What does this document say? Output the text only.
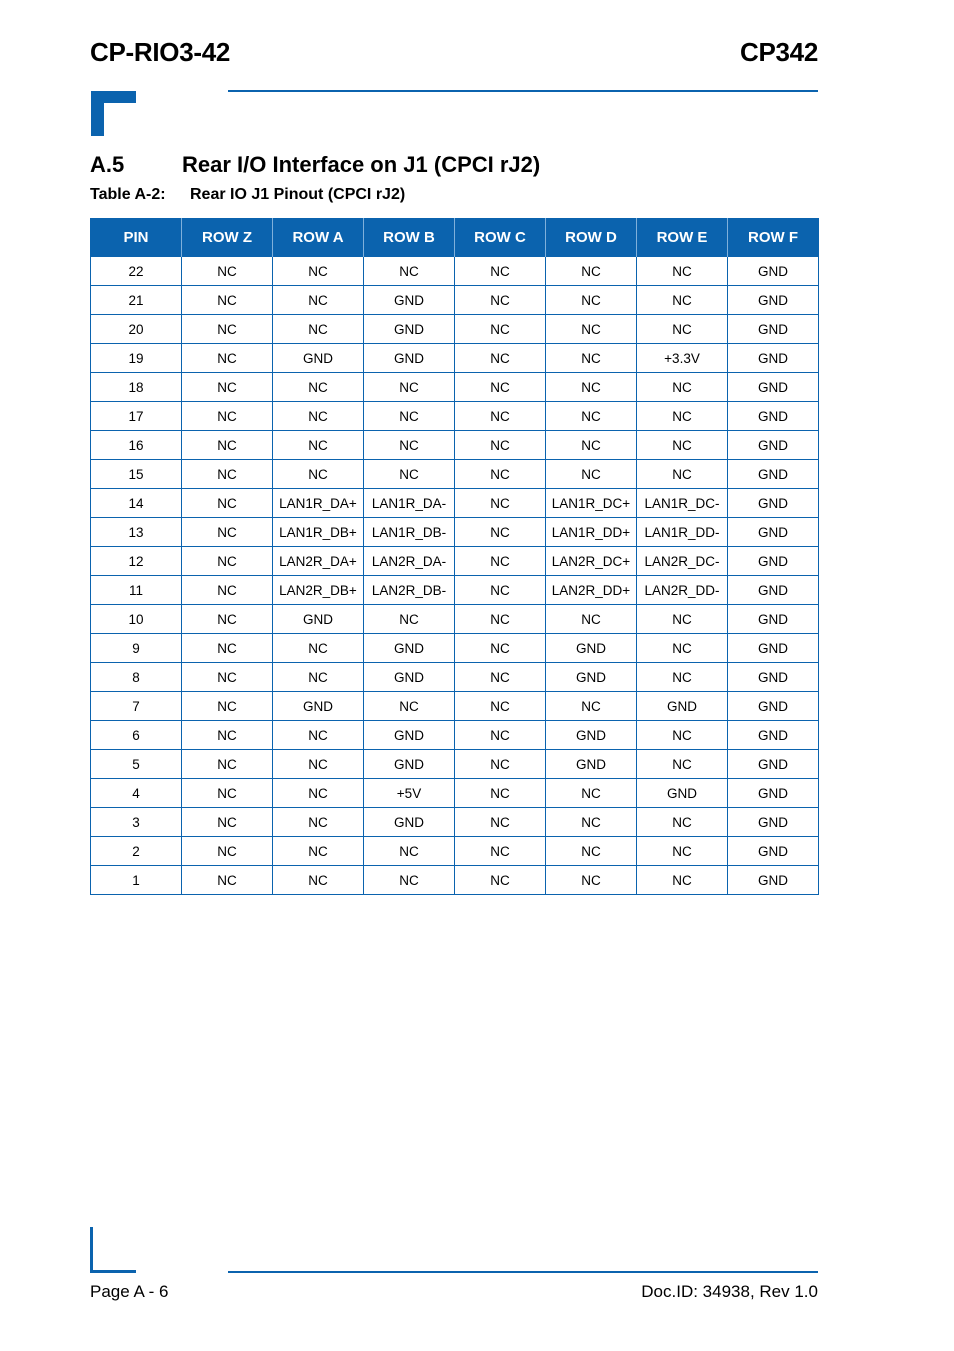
CP-RIO3-42	CP342
A.5	Rear I/O Interface on J1 (CPCI rJ2)
Table A-2: Rear IO J1 Pinout (CPCI rJ2)
PIN	ROW Z	ROW A	ROW B	ROW C	ROW D	ROW E	ROW F
22	NC	NC	NC	NC	NC	NC	GND
21	NC	NC	GND	NC	NC	NC	GND
20	NC	NC	GND	NC	NC	NC	GND
19	NC	GND	GND	NC	NC	+3.3V	GND
18	NC	NC	NC	NC	NC	NC	GND
17	NC	NC	NC	NC	NC	NC	GND
16	NC	NC	NC	NC	NC	NC	GND
15	NC	NC	NC	NC	NC	NC	GND
14	NC	LAN1R_DA+	LAN1R_DA-	NC	LAN1R_DC+	LAN1R_DC-	GND
13	NC	LAN1R_DB+	LAN1R_DB-	NC	LAN1R_DD+	LAN1R_DD-	GND
12	NC	LAN2R_DA+	LAN2R_DA-	NC	LAN2R_DC+	LAN2R_DC-	GND
11	NC	LAN2R_DB+	LAN2R_DB-	NC	LAN2R_DD+	LAN2R_DD-	GND
10	NC	GND	NC	NC	NC	NC	GND
9	NC	NC	GND	NC	GND	NC	GND
8	NC	NC	GND	NC	GND	NC	GND
7	NC	GND	NC	NC	NC	GND	GND
6	NC	NC	GND	NC	GND	NC	GND
5	NC	NC	GND	NC	GND	NC	GND
4	NC	NC	+5V	NC	NC	GND	GND
3	NC	NC	GND	NC	NC	NC	GND
2	NC	NC	NC	NC	NC	NC	GND
1	NC	NC	NC	NC	NC	NC	GND
Page A - 6	Doc.ID: 34938, Rev 1.0
